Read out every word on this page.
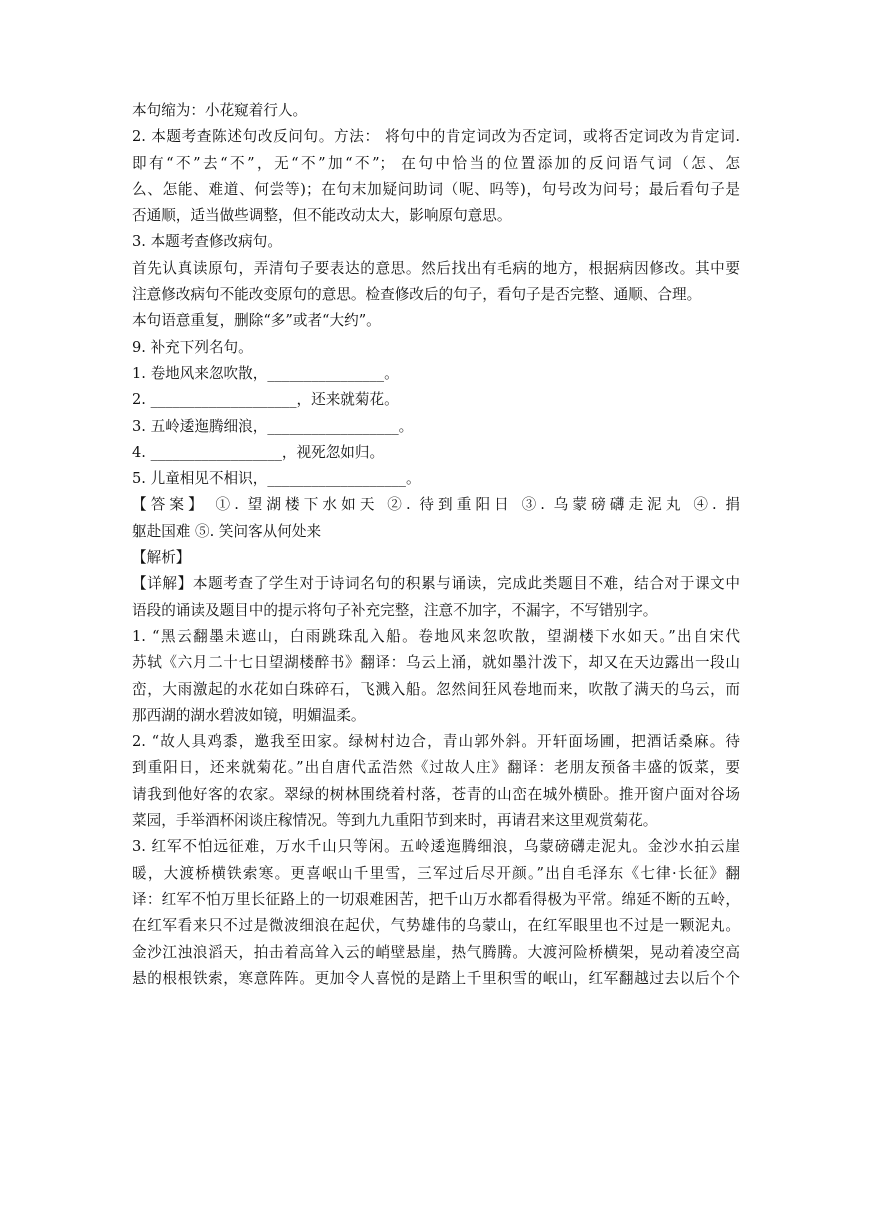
本句缩为：小花窥着行人。
2. 本题考查陈述句改反问句。方法： 将句中的肯定词改为否定词，或将否定词改为肯定词.
即有“不”去“不”，无“不”加“不”； 在句中恰当的位置添加的反问语气词（怎、怎
么、怎能、难道、何尝等)；在句末加疑问助词（呢、吗等)，句号改为问号；最后看句子是
否通顺，适当做些调整，但不能改动太大，影响原句意思。
3. 本题考查修改病句。
首先认真读原句，弄清句子要表达的意思。然后找出有毛病的地方，根据病因修改。其中要
注意修改病句不能改变原句的意思。检查修改后的句子，看句子是否完整、通顺、合理。
本句语意重复，删除“多”或者“大约”。
9. 补充下列名句。
1. 卷地风来忽吹散，________________。
2. ____________________，还来就菊花。
3. 五岭逶迤腾细浪，__________________。
4. __________________，视死忽如归。
5. 儿童相见不相识，___________________。
【答案】 ①. 望湖楼下水如天 ②. 待到重阳日 ③. 乌蒙磅礴走泥丸 ④. 捐
躯赴国难 ⑤. 笑问客从何处来
【解析】
【详解】本题考查了学生对于诗词名句的积累与诵读，完成此类题目不难，结合对于课文中
语段的诵读及题目中的提示将句子补充完整，注意不加字，不漏字，不写错别字。
1. “黑云翻墨未遮山，白雨跳珠乱入船。卷地风来忽吹散，望湖楼下水如天。”出自宋代
苏轼《六月二十七日望湖楼醉书》翻译：乌云上涌，就如墨汁泼下，却又在天边露出一段山
峦，大雨激起的水花如白珠碎石，飞溅入船。忽然间狂风卷地而来，吹散了满天的乌云，而
那西湖的湖水碧波如镜，明媚温柔。
2. “故人具鸡黍，邀我至田家。绿树村边合，青山郭外斜。开轩面场圃，把酒话桑麻。待
到重阳日，还来就菊花。”出自唐代孟浩然《过故人庄》翻译：老朋友预备丰盛的饭菜，要
请我到他好客的农家。翠绿的树林围绕着村落，苍青的山峦在城外横卧。推开窗户面对谷场
菜园，手举酒杯闲谈庄稼情况。等到九九重阳节到来时，再请君来这里观赏菊花。
3. 红军不怕远征难，万水千山只等闲。五岭逶迤腾细浪，乌蒙磅礴走泥丸。金沙水拍云崖
暖，大渡桥横铁索寒。更喜岷山千里雪，三军过后尽开颜。”出自毛泽东《七律·长征》翻
译：红军不怕万里长征路上的一切艰难困苦，把千山万水都看得极为平常。绵延不断的五岭，
在红军看来只不过是微波细浪在起伏，气势雄伟的乌蒙山，在红军眼里也不过是一颗泥丸。
金沙江浊浪滔天，拍击着高耸入云的峭壁悬崖，热气腾腾。大渡河险桥横架，晃动着凌空高
悬的根根铁索，寒意阵阵。更加令人喜悦的是踏上千里积雪的岷山，红军翻越过去以后个个
